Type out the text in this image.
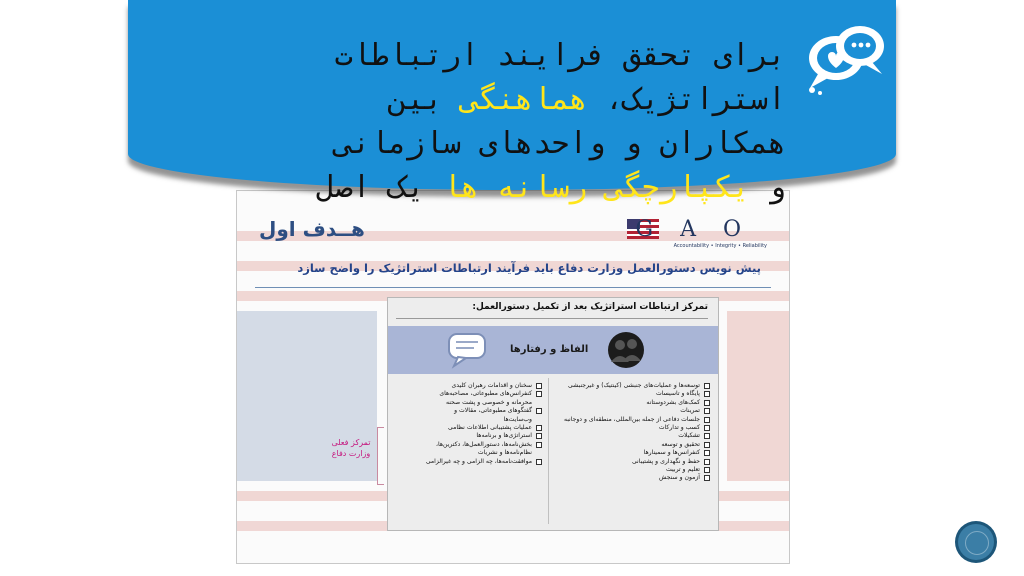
برای تحقق فرایند ارتباطات
استراتژیک، هماهنگی بین
همکاران و واحدهای سازمانی
و یکپارچگی رسانه ها یک اصل
هــدف اول	G A O
Accountability • Integrity • Reliability
پیش نویس دستورالعمل وزارت دفاع باید فرآیند ارتباطات استراتژیک را واضح سازد
تمرکز ارتباطات استراتژیک بعد از تکمیل دستورالعمل:
الفاظ و رفتارها
توسعه‌ها و عملیات‌های جنبشی (کینتیک) و غیرجنبشی
پایگاه و تاسیسات
کمک‌های بشردوستانه
تمرینات
جلسات دفاعی از جمله بین‌المللی، منطقه‌ای و دوجانبه
کسب و تدارکات
تشکیلات
تحقیق و توسعه
کنفرانس‌ها و سمینارها
حفظ و نگهداری و پشتیبانی
تعلیم و تربیت
آزمون و سنجش
سخنان و اقدامات رهبران کلیدی
کنفرانس‌های مطبوعاتی، مصاحبه‌های
محرمانه و خصوصی و پشت صحنه
گفتگوهای مطبوعاتی، مقالات و
وب‌سایت‌ها
عملیات پشتیبانی اطلاعات نظامی
استراتژی‌ها و برنامه‌ها
بخش‌نامه‌ها، دستورالعمل‌ها، دکترین‌ها،
نظام‌نامه‌ها و نشریات
موافقت‌نامه‌ها، چه الزامی و چه غیرالزامی
تمرکز فعلی وزارت دفاع
